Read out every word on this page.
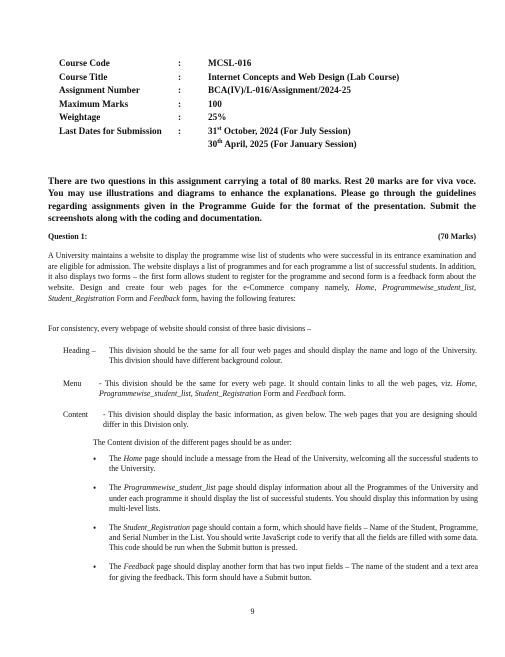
Course Code	:	MCSL-016
Course Title	:	Internet Concepts and Web Design (Lab Course)
Assignment Number	:	BCA(IV)/L-016/Assignment/2024-25
Maximum Marks	:	100
Weightage	:	25%
Last Dates for Submission :	31st October, 2024 (For July Session)
30th April, 2025 (For January Session)

There are two questions in this assignment carrying a total of 80 marks. Rest 20 marks are for viva voce. You may use illustrations and diagrams to enhance the explanations. Please go through the guidelines regarding assignments given in the Programme Guide for the format of the presentation. Submit the screenshots along with the coding and documentation.

Question 1:	(70 Marks)

A University maintains a website to display the programme wise list of students who were successful in its entrance examination and are eligible for admission. The website displays a list of programmes and for each programme a list of successful students. In addition, it also displays two forms – the first form allows student to register for the programme and second form is a feedback form about the website. Design and create four web pages for the e-Commerce company namely, Home, Programmewise_student_list, Student_Registration Form and Feedback form, having the following features:

For consistency, every webpage of website should consist of three basic divisions –

Heading – This division should be the same for all four web pages and should display the name and logo of the University. This division should have different background colour.

Menu - This division should be the same for every web page. It should contain links to all the web pages, viz. Home, Programmewise_student_list, Student_Registration Form and Feedback form.

Content - This division should display the basic information, as given below. The web pages that you are designing should differ in this Division only.

The Content division of the different pages should be as under:

• The Home page should include a message from the Head of the University, welcoming all the successful students to the University.
• The Programmewise_student_list page should display information about all the Programmes of the University and under each programme it should display the list of successful students. You should display this information by using multi-level lists.
• The Student_Registration page should contain a form, which should have fields – Name of the Student, Programme, and Serial Number in the List. You should write JavaScript code to verify that all the fields are filled with some data. This code should be run when the Submit button is pressed.
• The Feedback page should display another form that has two input fields – The name of the student and a text area for giving the feedback. This form should have a Submit button.
9
